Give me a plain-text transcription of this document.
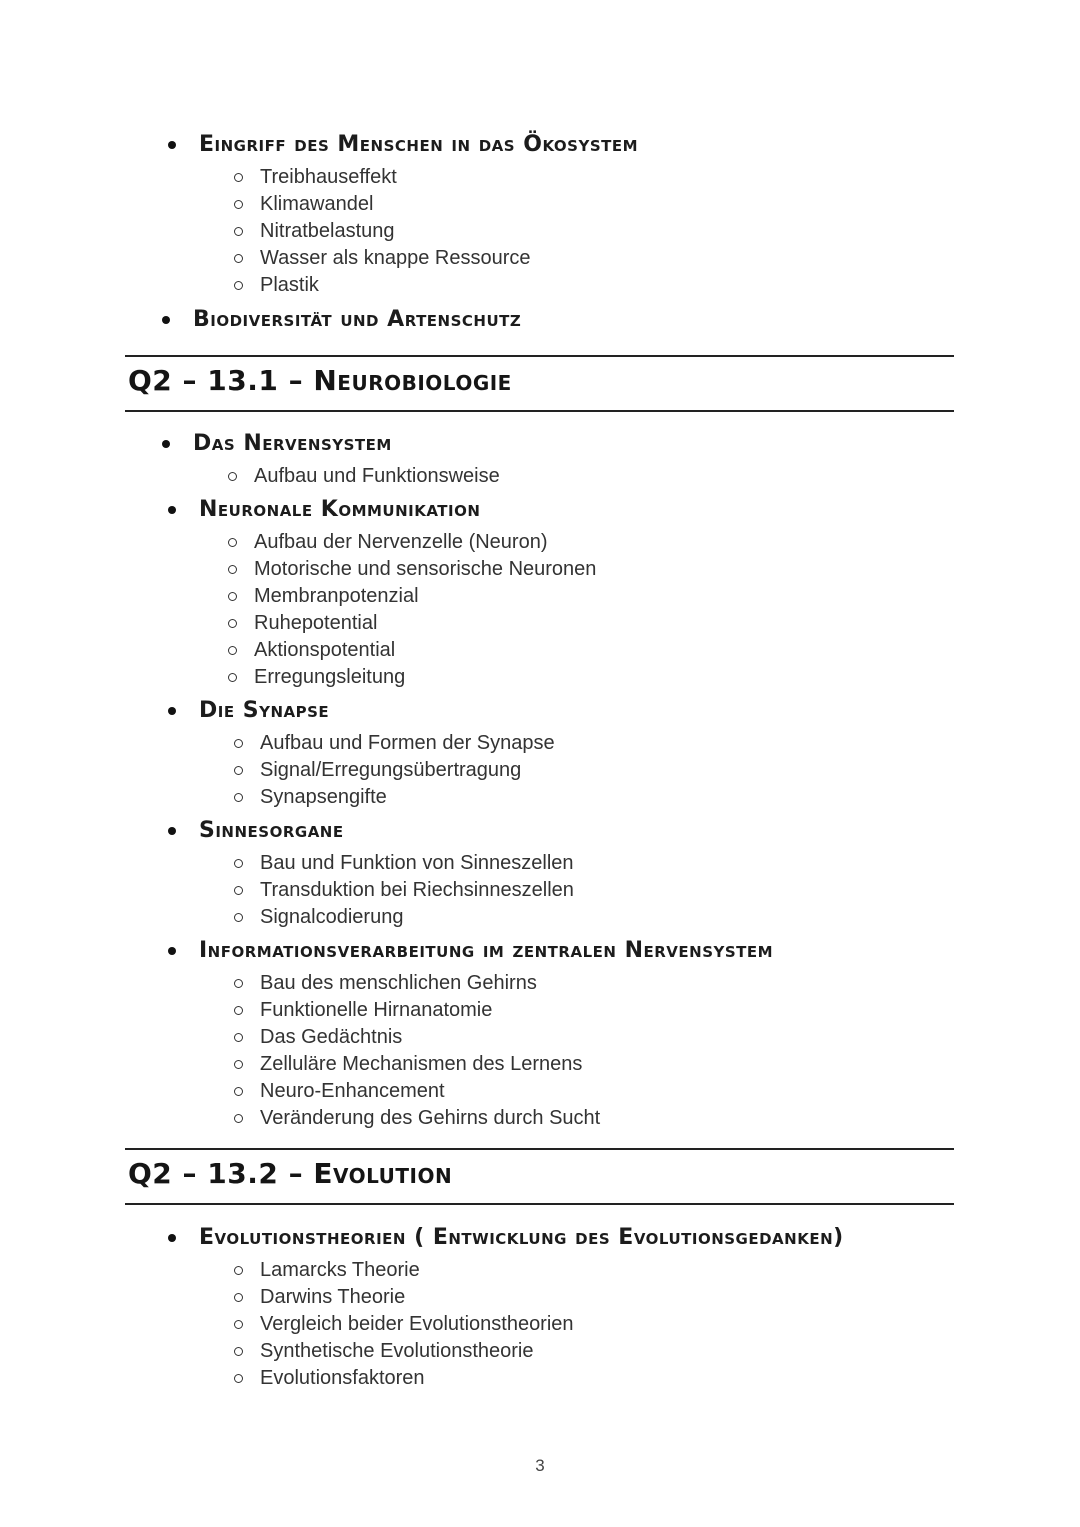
Eingriff des Menschen in das Ökosystem
Treibhauseffekt
Klimawandel
Nitratbelastung
Wasser als knappe Ressource
Plastik
Biodiversität und Artenschutz
Q2 – 13.1 – Neurobiologie
Das Nervensystem
Aufbau und Funktionsweise
Neuronale Kommunikation
Aufbau der Nervenzelle (Neuron)
Motorische und sensorische Neuronen
Membranpotenzial
Ruhepotential
Aktionspotential
Erregungsleitung
Die Synapse
Aufbau und Formen der Synapse
Signal/Erregungsübertragung
Synapsengifte
Sinnesorgane
Bau und Funktion von Sinneszellen
Transduktion bei Riechsinneszellen
Signalcodierung
Informationsverarbeitung im zentralen Nervensystem
Bau des menschlichen Gehirns
Funktionelle Hirnanatomie
Das Gedächtnis
Zelluläre Mechanismen des Lernens
Neuro-Enhancement
Veränderung des Gehirns durch Sucht
Q2 – 13.2 – Evolution
Evolutionstheorien ( Entwicklung des Evolutionsgedanken)
Lamarcks Theorie
Darwins Theorie
Vergleich beider Evolutionstheorien
Synthetische Evolutionstheorie
Evolutionsfaktoren
3
